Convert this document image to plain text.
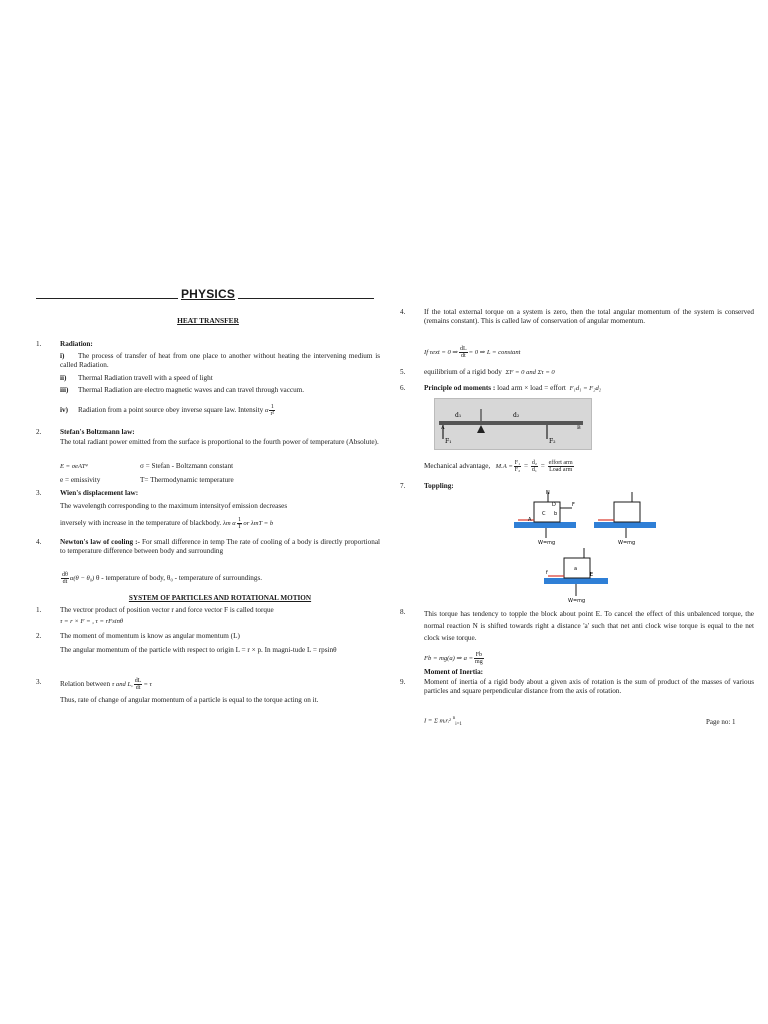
PHYSICS
HEAT TRANSFER
1.	Radiation:
i) The process of transfer of heat from one place to another without heating the intervening medium is called Radiation.
ii) Thermal Radiation travell with a speed of light
iii) Thermal Radiation are electro magnetic waves and can travel through vaccum.
iv) Radiation from a point source obey inverse square law. Intensity α $\frac{1}{\text{r²}}$
2.	Stefan's Boltzmann law:
The total radiant power emitted from the surface is proportional to the fourth power of temperature (Absolute).
E = σeAT⁴	σ = Stefan - Boltzmann constant
e = emissivity	T= Thermodynamic temperature
3.	Wien's displacement law:
The wavelength corresponding to the maximum intensityof emission decreases
inversely with increase in the temperature of blackbody. λm α $\frac{1}{T}$ or λmT = b
4.	Newton's law of cooling :- For small difference in temp The rate of cooling of a body is directly proportional to temperature difference between body and surrounding
$\frac{d\theta}{dt} \alpha(\theta - \theta_0)$ θ - temperature of body, θ₀ - temperature of surroundings.
SYSTEM OF PARTICLES AND ROTATIONAL MOTION
1.	The vectror product of position vector r and force vector F is called torque
τ = r × F = , τ = rFsinθ
2.	The moment of momentum is know as angular momentum (L)
The angular momentum of the particle with respect to origin L = r × p. In magni-tude L = rpsinθ
3.	Relation between τ and L, $\frac{dL}{dt} = \tau$
Thus, rate of change of angular momentum of a particle is equal to the torque acting on it.
4.	If the total external torque on a system is zero, then the total angular momentum of the system is conserved (remains constant). This is called law of conservation of angular momentum.
If τext = 0 ⇒ $\frac{dL}{dt} = 0$ ⇒ L = constant
5.	equilibrium of a rigid body ΣF = 0 and Στ = 0
6.	Principle od moments : load arm × load = effort F₁d₁ = F₂d₂
Mechanical advantage, $M.A = \frac{\text{F₁}}{\text{F₂}} = \frac{\text{d₂}}{\text{d₁}} = \frac{\text{effort arm}}{\text{Load arm}}$
7.	Toppling:
8.	This torque has tendency to topple the block about point E. To cancel the effect of this unbalenced torque, the normal reaction N is shifted towards right a distance 'a' such that net anti clock wise torque is equal to the net clock wise torque.
Fb = mg(a) ⇒ $a = \frac{Fb}{mg}$
Moment of Inertia:
9.	Moment of inertia of a rigid body about a given axis of rotation is the sum of product of the masses of various particles and square perpendicular distance from the axis of rotation.
I = Σ mᵢrᵢ² $^n_{i=1}$
d₁	d₂
F₁	F₂
A	B
N
F
C b
A
D
W=mg	W=mg
f
a
E
W=mg
Page no: 1
